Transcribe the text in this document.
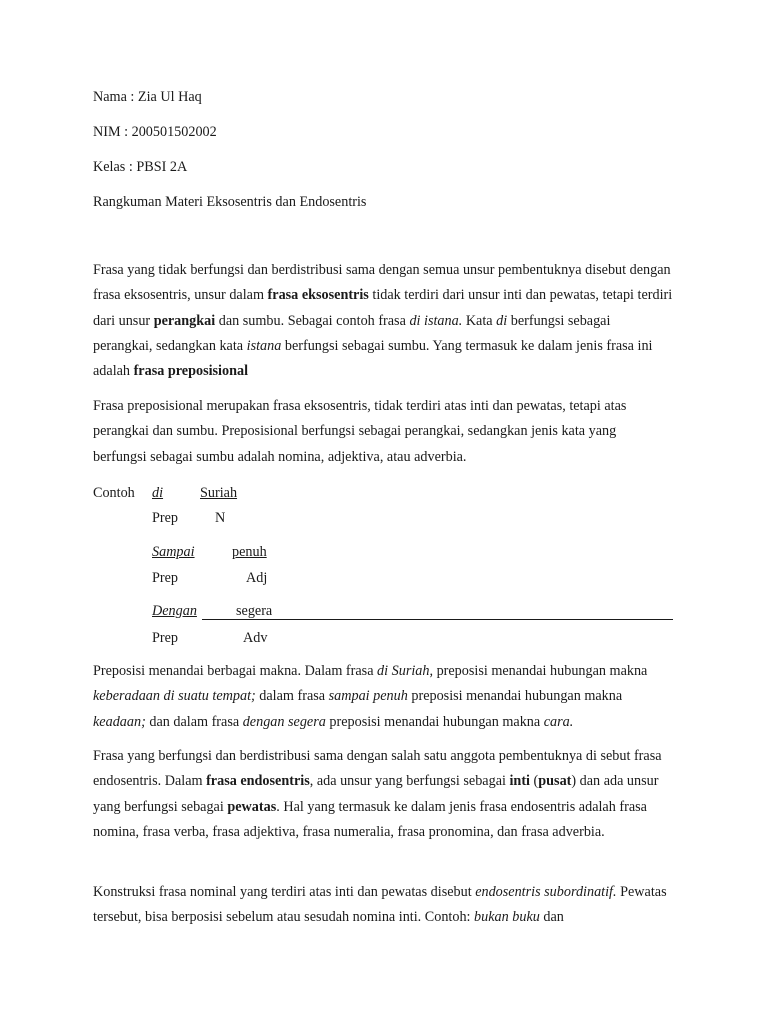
Nama : Zia Ul Haq
NIM : 200501502002
Kelas : PBSI 2A
Rangkuman Materi Eksosentris dan Endosentris

Frasa yang tidak berfungsi dan berdistribusi sama dengan semua unsur pembentuknya disebut dengan frasa eksosentris, unsur dalam frasa eksosentris tidak terdiri dari unsur inti dan pewatas, tetapi terdiri dari unsur perangkai dan sumbu. Sebagai contoh frasa di istana. Kata di berfungsi sebagai perangkai, sedangkan kata istana berfungsi sebagai sumbu. Yang termasuk ke dalam jenis frasa ini adalah frasa preposisional

Frasa preposisional merupakan frasa eksosentris, tidak terdiri atas inti dan pewatas, tetapi atas perangkai dan sumbu. Preposisional berfungsi sebagai perangkai, sedangkan jenis kata yang berfungsi sebagai sumbu adalah nomina, adjektiva, atau adverbia.

Contoh di	Suriah
Prep	N
Sampai	penuh
Prep	Adj
Dengan	segera
Prep	Adv

Preposisi menandai berbagai makna. Dalam frasa di Suriah, preposisi menandai hubungan makna keberadaan di suatu tempat; dalam frasa sampai penuh preposisi menandai hubungan makna keadaan; dan dalam frasa dengan segera preposisi menandai hubungan makna cara.

Frasa yang berfungsi dan berdistribusi sama dengan salah satu anggota pembentuknya di sebut frasa endosentris. Dalam frasa endosentris, ada unsur yang berfungsi sebagai inti (pusat) dan ada unsur yang berfungsi sebagai pewatas. Hal yang termasuk ke dalam jenis frasa endosentris adalah frasa nomina, frasa verba, frasa adjektiva, frasa numeralia, frasa pronomina, dan frasa adverbia.

Konstruksi frasa nominal yang terdiri atas inti dan pewatas disebut endosentris subordinatif. Pewatas tersebut, bisa berposisi sebelum atau sesudah nomina inti. Contoh: bukan buku dan
